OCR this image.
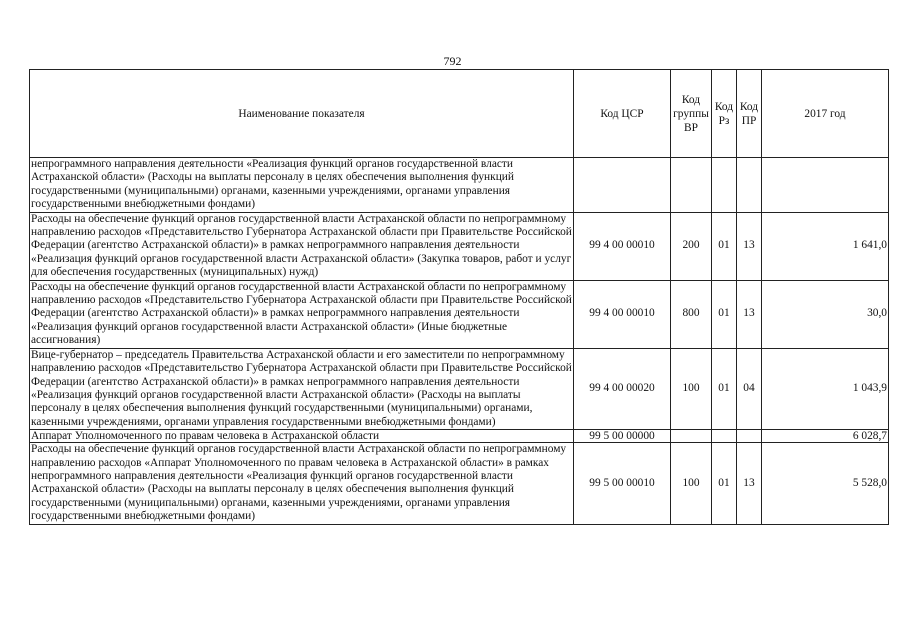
792
Наименование показателя	Код ЦСР	Код группы ВР	Код Рз	Код ПР	2017 год
непрограммного направления деятельности «Реализация функций органов государственной власти Астраханской области» (Расходы на выплаты персоналу в целях обеспечения выполнения функций государственными (муниципальными) органами, казенными учреждениями, органами управления государственными внебюджетными фондами)					
Расходы на обеспечение функций органов государственной власти Астраханской области по непрограммному направлению расходов «Представительство Губернатора Астраханской области при Правительстве Российской Федерации (агентство Астраханской области)» в рамках непрограммного направления деятельности «Реализация функций органов государственной власти Астраханской области» (Закупка товаров, работ и услуг для обеспечения государственных (муниципальных) нужд)	99 4 00 00010	200	01	13	1 641,0
Расходы на обеспечение функций органов государственной власти Астраханской области по непрограммному направлению расходов «Представительство Губернатора Астраханской области при Правительстве Российской Федерации (агентство Астраханской области)» в рамках непрограммного направления деятельности «Реализация функций органов государственной власти Астраханской области» (Иные бюджетные ассигнования)	99 4 00 00010	800	01	13	30,0
Вице-губернатор – председатель Правительства Астраханской области и его заместители по непрограммному направлению расходов «Представительство Губернатора Астраханской области при Правительстве Российской Федерации (агентство Астраханской области)» в рамках непрограммного направления деятельности «Реализация функций органов государственной власти Астраханской области» (Расходы на выплаты персоналу в целях обеспечения выполнения функций государственными (муниципальными) органами, казенными учреждениями, органами управления государственными внебюджетными фондами)	99 4 00 00020	100	01	04	1 043,9
Аппарат Уполномоченного по правам человека в Астраханской области	99 5 00 00000				6 028,7
Расходы на обеспечение функций органов государственной власти Астраханской области по непрограммному направлению расходов «Аппарат Уполномоченного по правам человека в Астраханской области» в рамках непрограммного направления деятельности «Реализация функций органов государственной власти Астраханской области» (Расходы на выплаты персоналу в целях обеспечения выполнения функций государственными (муниципальными) органами, казенными учреждениями, органами управления государственными внебюджетными фондами)	99 5 00 00010	100	01	13	5 528,0
